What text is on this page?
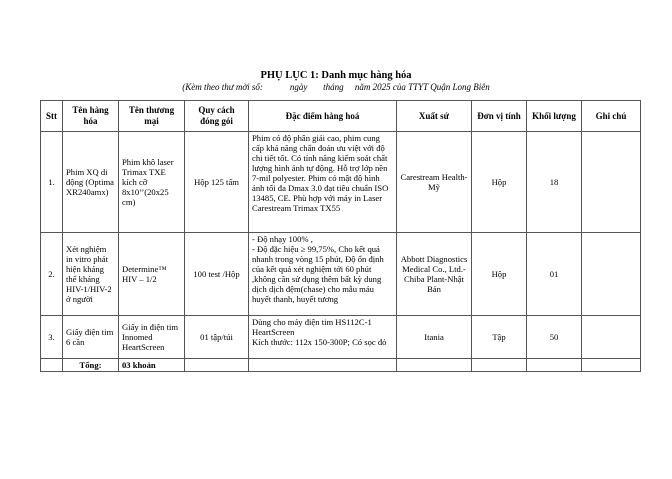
PHỤ LỤC 1: Danh mục hàng hóa
(Kèm theo thư mời số:            ngày       tháng     năm 2025 của TTYT Quận Long Biên
Stt	Tên hàng hóa	Tên thương mại	Quy cách đóng gói	Đặc điểm hàng hoá	Xuất sứ	Đơn vị tính	Khối lượng	Ghi chú
1.	Phim XQ di động (Optima XR240amx)	Phim khô laser Trimax TXE kích cỡ 8x10’’(20x25 cm)	Hộp 125 tấm	Phim có độ phân giải cao, phim cung cấp khả năng chẩn đoán ưu việt với độ chi tiết tốt. Có tính năng kiểm soát chất lượng hình ảnh tự động. Hỗ trợ lớp nền 7-mil polyester. Phim có mật độ hình ảnh tối đa Dmax 3.0 đạt tiêu chuẩn ISO 13485, CE. Phù hợp với máy in Laser Carestream Trimax TX55	Carestream Health- Mỹ	Hộp	18	
2.	Xét nghiệm in vitro phát hiện kháng thể kháng HIV-1/HIV-2 ở người	Determine™ HIV – 1/2	100 test /Hộp	- Độ nhạy 100% ,
- Độ đặc hiệu ≥ 99,75%, Cho kết quả nhanh trong vòng 15 phút, Độ ổn định của kết quả xét nghiệm tới 60 phút ,không cần sử dụng thêm bất kỳ dung dịch dịch đệm(chase) cho mẫu máu huyết thanh, huyết tương	Abbott Diagnostics Medical Co., Ltd.- Chiba Plant-Nhật Bản	Hộp	01	
3.	Giấy điện tim 6 cần	Giấy in điện tim Innomed HeartScreen	01 tập/túi	Dùng cho máy điện tim HS112C-1 HeartScreen
Kích thước: 112x 150-300P; Có sọc đỏ	Itania	Tập	50	
	Tổng:	03 khoản						
